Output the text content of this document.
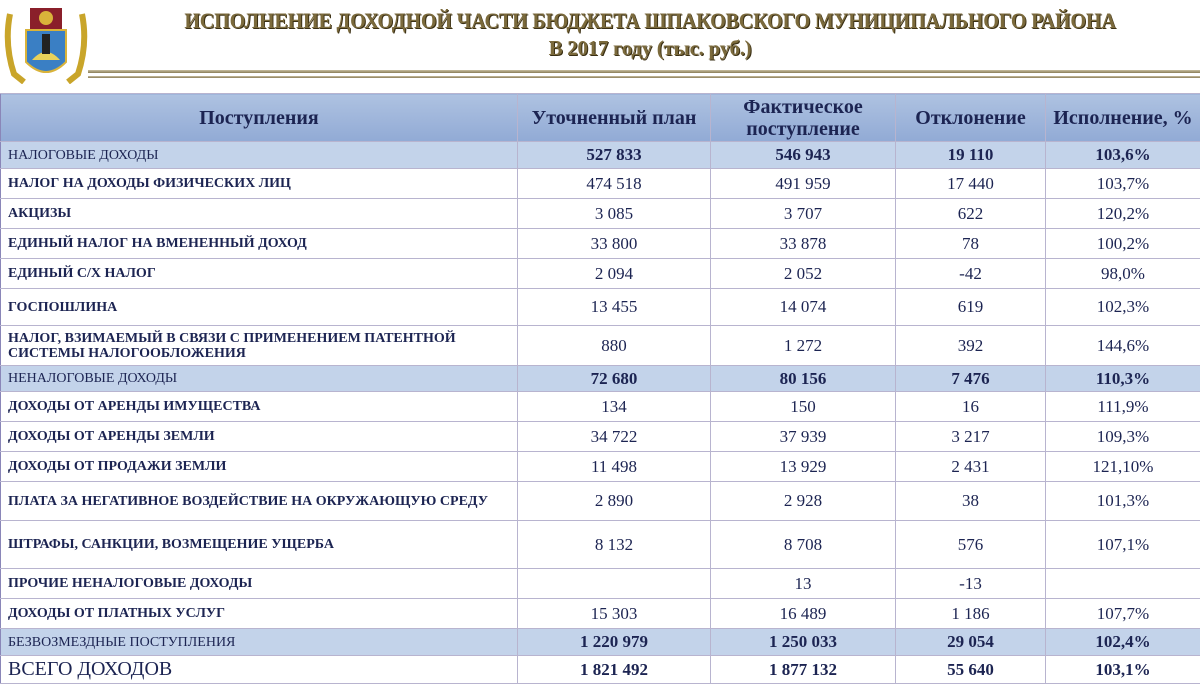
ИСПОЛНЕНИЕ ДОХОДНОЙ ЧАСТИ БЮДЖЕТА ШПАКОВСКОГО МУНИЦИПАЛЬНОГО РАЙОНА
В 2017 году (тыс. руб.)
Поступления	Уточненный план	Фактическое поступление	Отклонение	Исполнение, %
НАЛОГОВЫЕ ДОХОДЫ	527 833	546 943	19 110	103,6%
НАЛОГ НА ДОХОДЫ ФИЗИЧЕСКИХ ЛИЦ	474 518	491 959	17 440	103,7%
АКЦИЗЫ	3 085	3 707	622	120,2%
ЕДИНЫЙ НАЛОГ НА ВМЕНЕННЫЙ ДОХОД	33 800	33 878	78	100,2%
ЕДИНЫЙ С/Х НАЛОГ	2 094	2 052	-42	98,0%
ГОСПОШЛИНА	13 455	14 074	619	102,3%
НАЛОГ, ВЗИМАЕМЫЙ В СВЯЗИ С ПРИМЕНЕНИЕМ ПАТЕНТНОЙ СИСТЕМЫ НАЛОГООБЛОЖЕНИЯ	880	1 272	392	144,6%
НЕНАЛОГОВЫЕ ДОХОДЫ	72 680	80 156	7 476	110,3%
ДОХОДЫ ОТ АРЕНДЫ ИМУЩЕСТВА	134	150	16	111,9%
ДОХОДЫ ОТ АРЕНДЫ ЗЕМЛИ	34 722	37 939	3 217	109,3%
ДОХОДЫ ОТ ПРОДАЖИ ЗЕМЛИ	11 498	13 929	2 431	121,10%
ПЛАТА ЗА НЕГАТИВНОЕ ВОЗДЕЙСТВИЕ НА ОКРУЖАЮЩУЮ СРЕДУ	2 890	2 928	38	101,3%
ШТРАФЫ, САНКЦИИ, ВОЗМЕЩЕНИЕ УЩЕРБА	8 132	8 708	576	107,1%
ПРОЧИЕ НЕНАЛОГОВЫЕ ДОХОДЫ		13	-13	
ДОХОДЫ ОТ ПЛАТНЫХ УСЛУГ	15 303	16 489	1 186	107,7%
БЕЗВОЗМЕЗДНЫЕ ПОСТУПЛЕНИЯ	1 220 979	1 250 033	29 054	102,4%
ВСЕГО ДОХОДОВ	1 821 492	1 877 132	55 640	103,1%
